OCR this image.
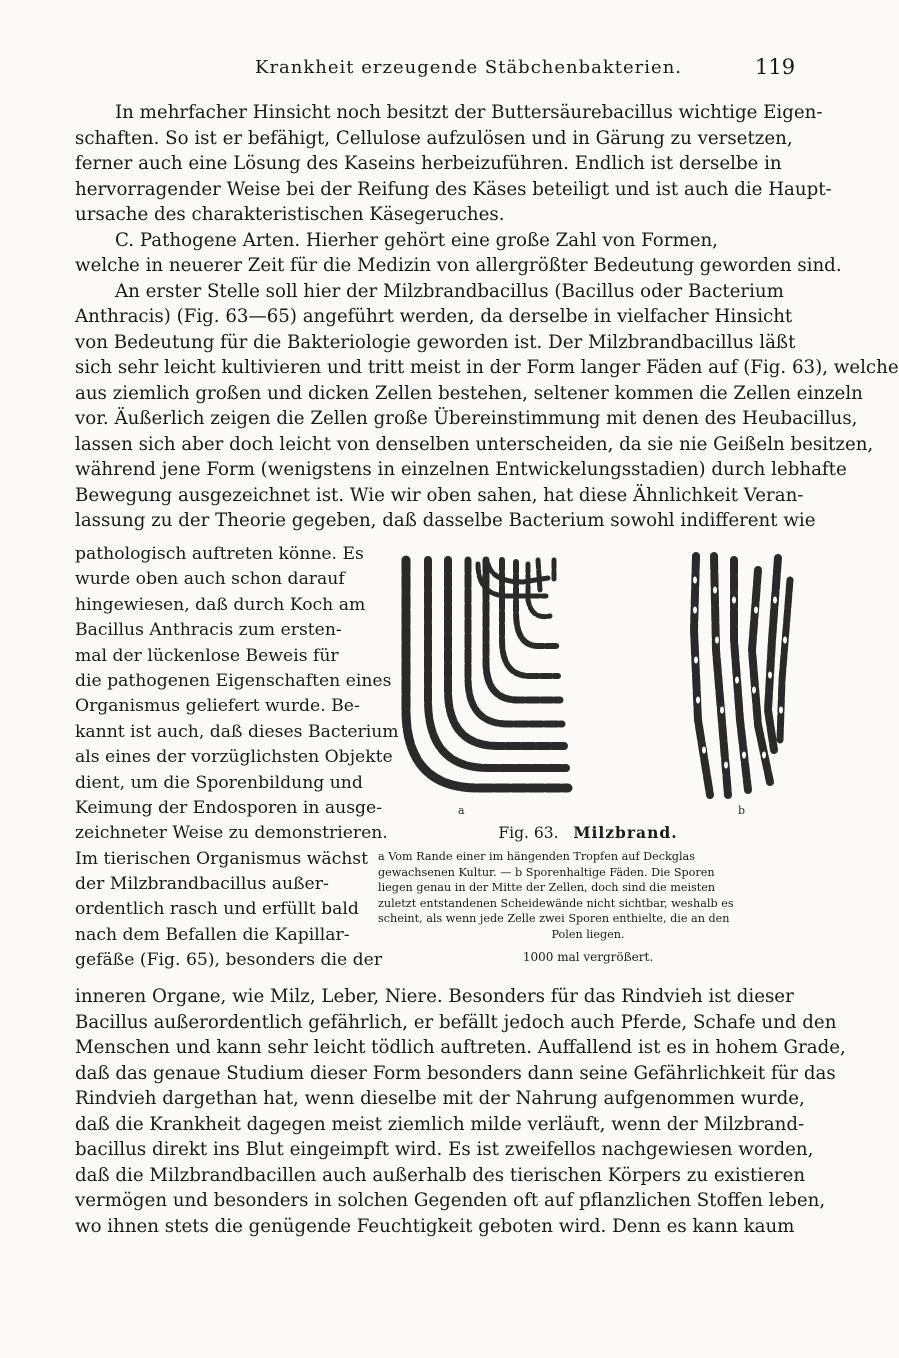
Krankheit erzeugende Stäbchenbakterien.	119
In mehrfacher Hinsicht noch besitzt der Buttersäurebacillus wichtige Eigen-
schaften. So ist er befähigt, Cellulose aufzulösen und in Gärung zu versetzen,
ferner auch eine Lösung des Kaseins herbeizuführen. Endlich ist derselbe in
hervorragender Weise bei der Reifung des Käses beteiligt und ist auch die Haupt-
ursache des charakteristischen Käsegeruches.
C. Pathogene Arten. Hierher gehört eine große Zahl von Formen,
welche in neuerer Zeit für die Medizin von allergrößter Bedeutung geworden sind.
An erster Stelle soll hier der Milzbrandbacillus (Bacillus oder Bacterium
Anthracis) (Fig. 63—65) angeführt werden, da derselbe in vielfacher Hinsicht
von Bedeutung für die Bakteriologie geworden ist. Der Milzbrandbacillus läßt
sich sehr leicht kultivieren und tritt meist in der Form langer Fäden auf (Fig. 63), welche
aus ziemlich großen und dicken Zellen bestehen, seltener kommen die Zellen einzeln
vor. Äußerlich zeigen die Zellen große Übereinstimmung mit denen des Heubacillus,
lassen sich aber doch leicht von denselben unterscheiden, da sie nie Geißeln besitzen,
während jene Form (wenigstens in einzelnen Entwickelungsstadien) durch lebhafte
Bewegung ausgezeichnet ist. Wie wir oben sahen, hat diese Ähnlichkeit Veran-
lassung zu der Theorie gegeben, daß dasselbe Bacterium sowohl indifferent wie
pathologisch auftreten könne. Es
wurde oben auch schon darauf
hingewiesen, daß durch Koch am
Bacillus Anthracis zum ersten-
mal der lückenlose Beweis für
die pathogenen Eigenschaften eines
Organismus geliefert wurde. Be-
kannt ist auch, daß dieses Bacterium
als eines der vorzüglichsten Objekte
dient, um die Sporenbildung und
Keimung der Endosporen in ausge-
zeichneter Weise zu demonstrieren.
Im tierischen Organismus wächst
der Milzbrandbacillus außer-
ordentlich rasch und erfüllt bald
nach dem Befallen die Kapillar-
gefäße (Fig. 65), besonders die der
a	b
Fig. 63. Milzbrand.
a Vom Rande einer im hängenden Tropfen auf Deckglas
gewachsenen Kultur. — b Sporenhaltige Fäden. Die Sporen
liegen genau in der Mitte der Zellen, doch sind die meisten
zuletzt entstandenen Scheidewände nicht sichtbar, weshalb es
scheint, als wenn jede Zelle zwei Sporen enthielte, die an den
Polen liegen.
1000 mal vergrößert.
inneren Organe, wie Milz, Leber, Niere. Besonders für das Rindvieh ist dieser
Bacillus außerordentlich gefährlich, er befällt jedoch auch Pferde, Schafe und den
Menschen und kann sehr leicht tödlich auftreten. Auffallend ist es in hohem Grade,
daß das genaue Studium dieser Form besonders dann seine Gefährlichkeit für das
Rindvieh dargethan hat, wenn dieselbe mit der Nahrung aufgenommen wurde,
daß die Krankheit dagegen meist ziemlich milde verläuft, wenn der Milzbrand-
bacillus direkt ins Blut eingeimpft wird. Es ist zweifellos nachgewiesen worden,
daß die Milzbrandbacillen auch außerhalb des tierischen Körpers zu existieren
vermögen und besonders in solchen Gegenden oft auf pflanzlichen Stoffen leben,
wo ihnen stets die genügende Feuchtigkeit geboten wird. Denn es kann kaum
